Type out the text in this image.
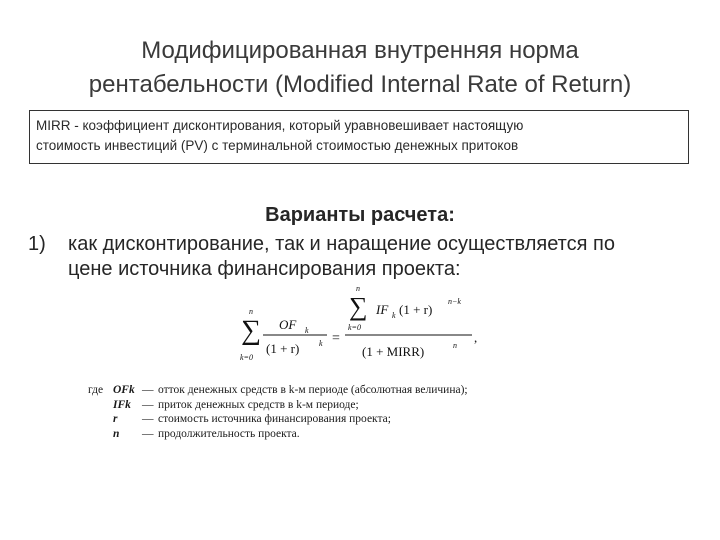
Модифицированная внутренняя норма
рентабельности (Modified Internal Rate of Return)
MIRR - коэффициент дисконтирования, который уравновешивает настоящую
стоимость инвестиций (PV) с терминальной стоимостью денежных притоков
Варианты расчета:
1) как дисконтирование, так и наращение осуществляется по
цене источника финансирования проекта:
n
∑
k=0
OF k
(1 + r) k =
n
∑
k=0
IF k (1 + r)
n−k
(1 + MIRR)	n
,
где OFk — отток денежных средств в k-м периоде (абсолютная величина);
IFk — приток денежных средств в k-м периоде;
r — стоимость источника финансирования проекта;
n — продолжительность проекта.
